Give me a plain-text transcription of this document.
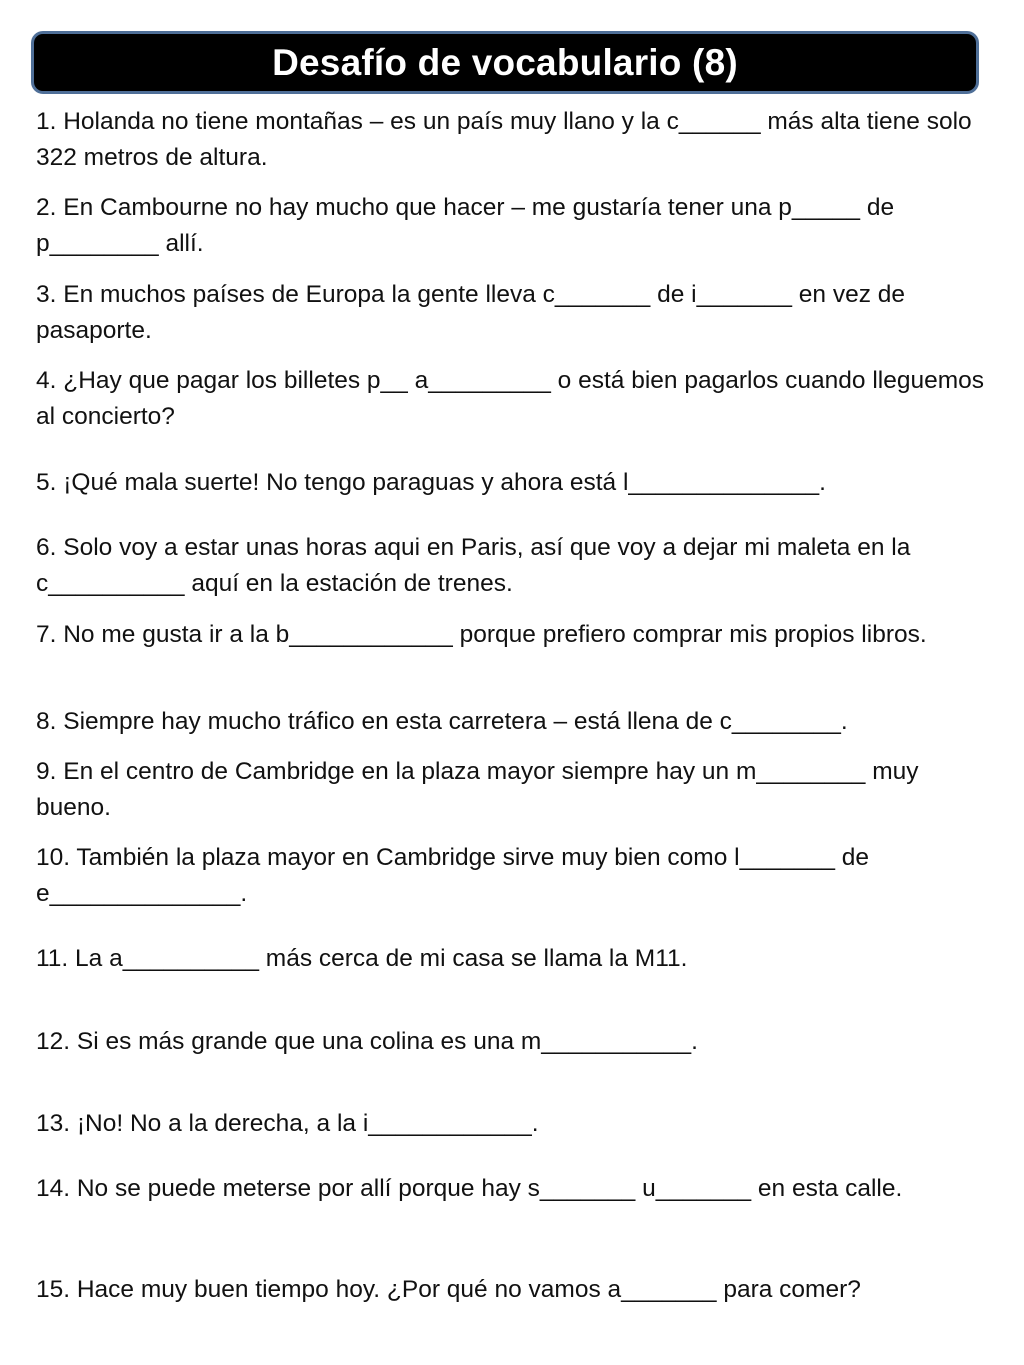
Desafío de vocabulario (8)

1. Holanda no tiene montañas – es un país muy llano y la c______ más alta tiene solo 322 metros de altura.

2. En Cambourne no hay mucho que hacer – me gustaría tener una p_____ de p________ allí.

3. En muchos países de Europa la gente lleva c_______ de i_______ en vez de pasaporte.

4. ¿Hay que pagar los billetes p__ a_________ o está bien pagarlos cuando lleguemos al concierto?

5. ¡Qué mala suerte! No tengo paraguas y ahora está l______________.

6. Solo voy a estar unas horas aqui en Paris, así que voy a dejar mi maleta en la c__________ aquí en la estación de trenes.

7. No me gusta ir a la b____________ porque prefiero comprar mis propios libros.

8. Siempre hay mucho tráfico en esta carretera – está llena de c________.

9. En el centro de Cambridge en la plaza mayor siempre hay un m________ muy bueno.

10. También la plaza mayor en Cambridge sirve muy bien como l_______ de e______________.

11. La a__________ más cerca de mi casa se llama la M11.

12. Si es más grande que una colina es una m___________.

13. ¡No! No a la derecha, a la i____________.

14. No se puede meterse por allí porque hay s_______ u_______ en esta calle.

15. Hace muy buen tiempo hoy. ¿Por qué no vamos a_______ para comer?
